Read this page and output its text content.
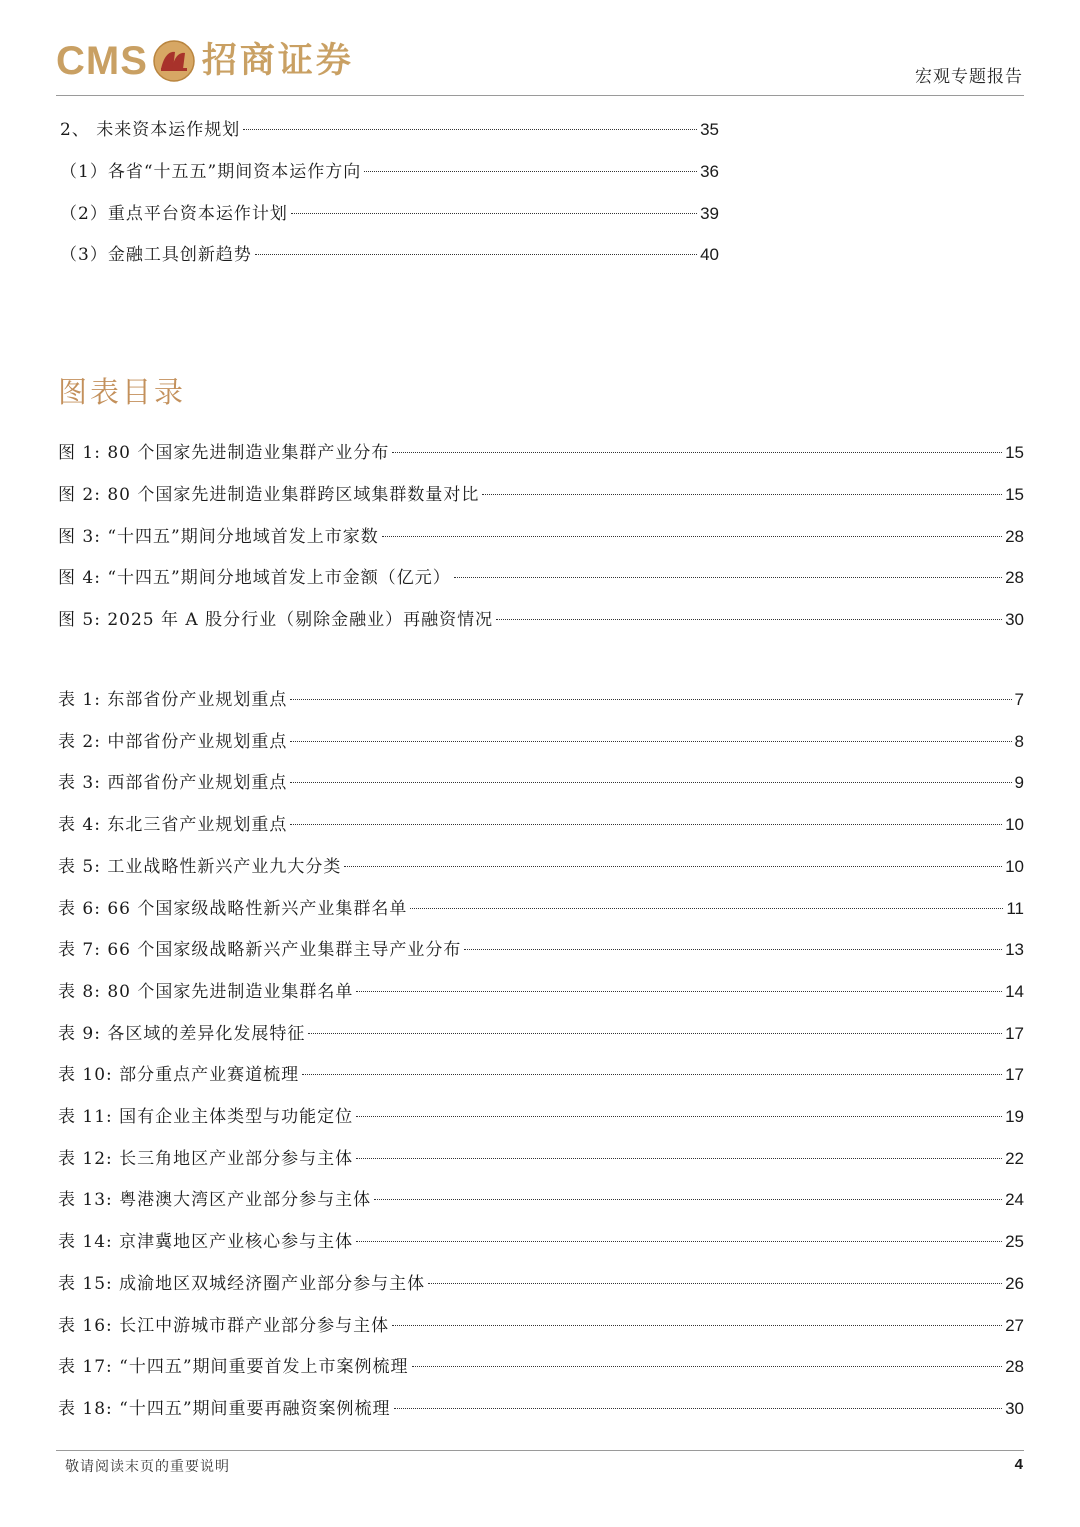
CMS 招商证券	宏观专题报告
2、 未来资本运作规划	35
（1）各省“十五五”期间资本运作方向	36
（2）重点平台资本运作计划	39
（3）金融工具创新趋势	40
图表目录
图 1: 80 个国家先进制造业集群产业分布	15
图 2: 80 个国家先进制造业集群跨区域集群数量对比	15
图 3: “十四五”期间分地域首发上市家数	28
图 4: “十四五”期间分地域首发上市金额（亿元）	28
图 5: 2025 年 A 股分行业（剔除金融业）再融资情况	30
表 1: 东部省份产业规划重点	7
表 2: 中部省份产业规划重点	8
表 3: 西部省份产业规划重点	9
表 4: 东北三省产业规划重点	10
表 5: 工业战略性新兴产业九大分类	10
表 6: 66 个国家级战略性新兴产业集群名单	11
表 7: 66 个国家级战略新兴产业集群主导产业分布	13
表 8: 80 个国家先进制造业集群名单	14
表 9: 各区域的差异化发展特征	17
表 10: 部分重点产业赛道梳理	17
表 11: 国有企业主体类型与功能定位	19
表 12: 长三角地区产业部分参与主体	22
表 13: 粤港澳大湾区产业部分参与主体	24
表 14: 京津冀地区产业核心参与主体	25
表 15: 成渝地区双城经济圈产业部分参与主体	26
表 16: 长江中游城市群产业部分参与主体	27
表 17: “十四五”期间重要首发上市案例梳理	28
表 18: “十四五”期间重要再融资案例梳理	30
敬请阅读末页的重要说明	4
